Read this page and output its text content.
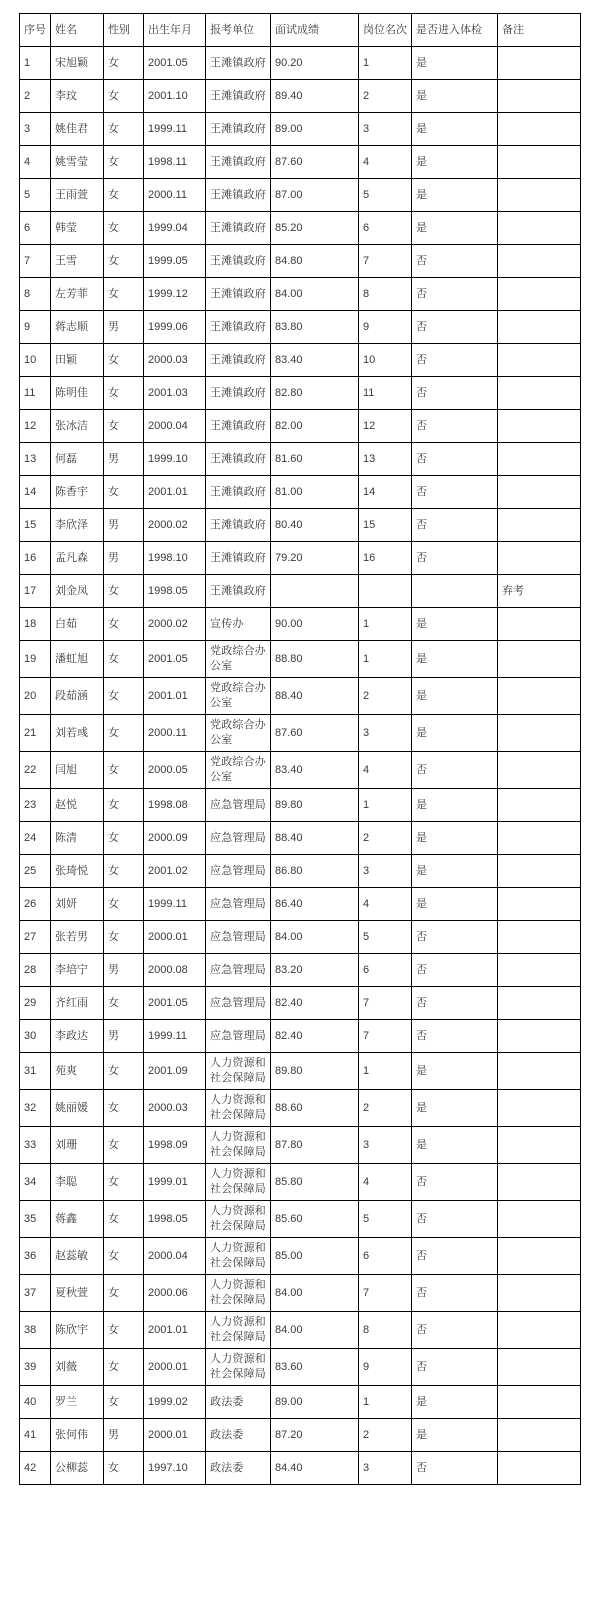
序号	姓名	性别	出生年月	报考单位	面试成绩	岗位名次	是否进入体检	备注
1	宋旭颖	女	2001.05	王滩镇政府	90.20	1	是	
2	李玟	女	2001.10	王滩镇政府	89.40	2	是	
3	姚佳君	女	1999.11	王滩镇政府	89.00	3	是	
4	姚雪莹	女	1998.11	王滩镇政府	87.60	4	是	
5	王雨萱	女	2000.11	王滩镇政府	87.00	5	是	
6	韩莹	女	1999.04	王滩镇政府	85.20	6	是	
7	王雪	女	1999.05	王滩镇政府	84.80	7	否	
8	左芳菲	女	1999.12	王滩镇政府	84.00	8	否	
9	蒋志顺	男	1999.06	王滩镇政府	83.80	9	否	
10	田颖	女	2000.03	王滩镇政府	83.40	10	否	
11	陈明佳	女	2001.03	王滩镇政府	82.80	11	否	
12	张冰洁	女	2000.04	王滩镇政府	82.00	12	否	
13	何磊	男	1999.10	王滩镇政府	81.60	13	否	
14	陈香宇	女	2001.01	王滩镇政府	81.00	14	否	
15	李欣泽	男	2000.02	王滩镇政府	80.40	15	否	
16	孟凡森	男	1998.10	王滩镇政府	79.20	16	否	
17	刘金凤	女	1998.05	王滩镇政府				弃考
18	白茹	女	2000.02	宣传办	90.00	1	是	
19	潘虹旭	女	2001.05	党政综合办公室	88.80	1	是	
20	段茹涵	女	2001.01	党政综合办公室	88.40	2	是	
21	刘若彧	女	2000.11	党政综合办公室	87.60	3	是	
22	闫旭	女	2000.05	党政综合办公室	83.40	4	否	
23	赵悦	女	1998.08	应急管理局	89.80	1	是	
24	陈清	女	2000.09	应急管理局	88.40	2	是	
25	张琦悦	女	2001.02	应急管理局	86.80	3	是	
26	刘妍	女	1999.11	应急管理局	86.40	4	是	
27	张若男	女	2000.01	应急管理局	84.00	5	否	
28	李培宁	男	2000.08	应急管理局	83.20	6	否	
29	齐红雨	女	2001.05	应急管理局	82.40	7	否	
30	李政达	男	1999.11	应急管理局	82.40	7	否	
31	苑爽	女	2001.09	人力资源和社会保障局	89.80	1	是	
32	姚丽媛	女	2000.03	人力资源和社会保障局	88.60	2	是	
33	刘珊	女	1998.09	人力资源和社会保障局	87.80	3	是	
34	李聪	女	1999.01	人力资源和社会保障局	85.80	4	否	
35	蒋鑫	女	1998.05	人力资源和社会保障局	85.60	5	否	
36	赵蕊敏	女	2000.04	人力资源和社会保障局	85.00	6	否	
37	夏秋萱	女	2000.06	人力资源和社会保障局	84.00	7	否	
38	陈欣宇	女	2001.01	人力资源和社会保障局	84.00	8	否	
39	刘薇	女	2000.01	人力资源和社会保障局	83.60	9	否	
40	罗兰	女	1999.02	政法委	89.00	1	是	
41	张何伟	男	2000.01	政法委	87.20	2	是	
42	公柳蕊	女	1997.10	政法委	84.40	3	否	
